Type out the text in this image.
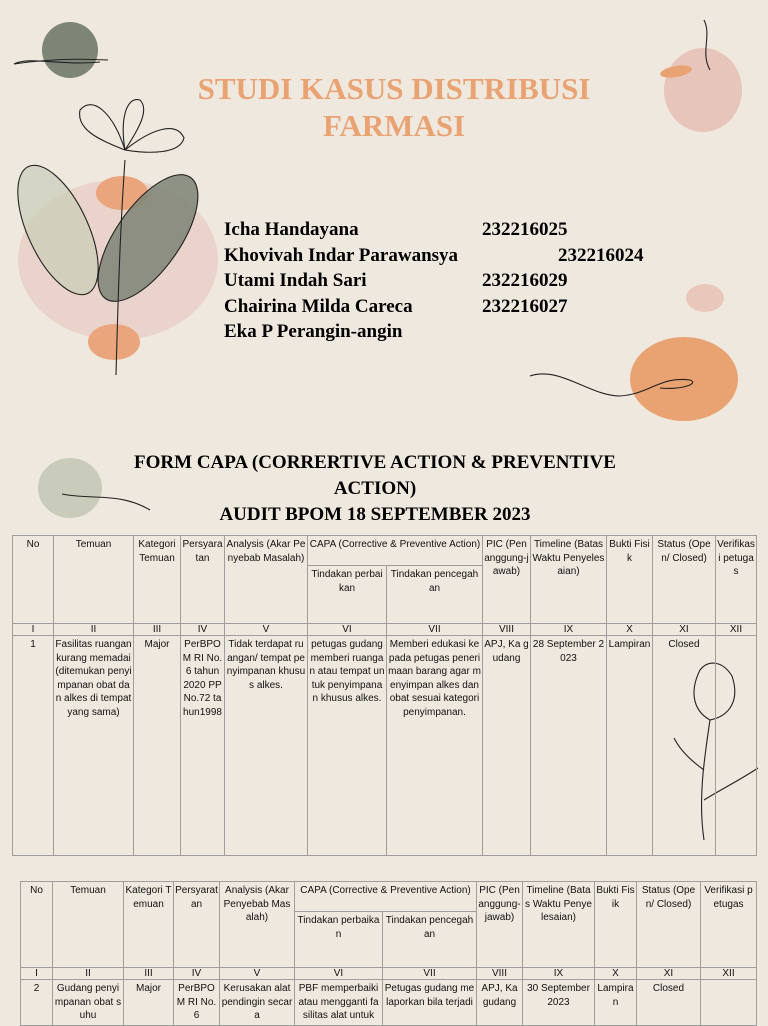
STUDI KASUS DISTRIBUSI
FARMASI
Icha Handayana	232216025
Khovivah Indar Parawansya	232216024
Utami Indah Sari	232216029
Chairina Milda Careca	232216027
Eka P Perangin-angin
FORM CAPA (CORRERTIVE ACTION & PREVENTIVE
ACTION)
AUDIT BPOM 18 SEPTEMBER 2023
No	Temuan	Kategori Temuan	Persyaratan	Analysis (Akar Penyebab Masalah)	CAPA (Corrective & Preventive Action)		PIC (Penanggung-jawab)	Timeline (Batas Waktu Penyelesaian)	Bukti Fisik	Status (Open/ Closed)	Verifikasi petugas
					Tindakan perbaikan	Tindakan pencegahan					
I	II	III	IV	V	VI	VII	VIII	IX	X	XI	XII
1	Fasilitas ruangan kurang memadai (ditemukan penyimpanan obat dan alkes di tempat yang sama)	Major	PerBPOM RI No.6 tahun 2020 PP No.72 tahun1998	Tidak terdapat ruangan/ tempat penyimpanan khusus alkes.	petugas gudang memberi ruangan atau tempat untuk penyimpanan khusus alkes.	Memberi edukasi kepada petugas penerimaan barang agar menyimpan alkes dan obat sesuai kategori penyimpanan.	APJ, Ka gudang	28 September 2023	Lampiran	Closed	
No	Temuan	Kategori Temuan	Persyaratan	Analysis (Akar Penyebab Masalah)	CAPA (Corrective & Preventive Action)		PIC (Penanggung-jawab)	Timeline (Batas Waktu Penyelesaian)	Bukti Fisik	Status (Open/ Closed)	Verifikasi petugas
					Tindakan perbaikan	Tindakan pencegahan					
I	II	III	IV	V	VI	VII	VIII	IX	X	XI	XII
2	Gudang penyimpanan obat suhu	Major	PerBPOM RI No.6	Kerusakan alat pendingin secara	PBF memperbaiki atau mengganti fasilitas alat untuk	Petugas gudang melaporkan bila terjadi	APJ, Ka gudang	30 September 2023	Lampiran	Closed	
